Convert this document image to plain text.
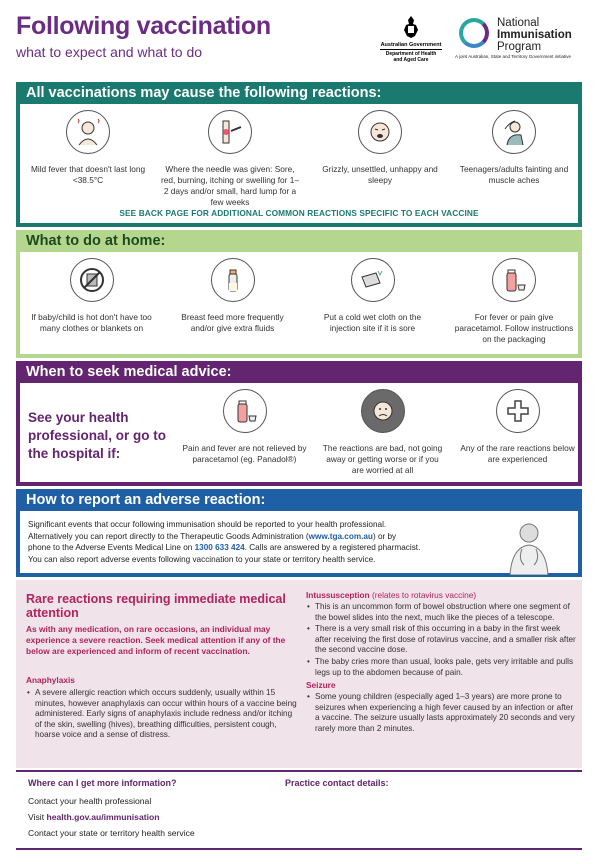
Following vaccination
what to expect and what to do	Australian Government
Department of Health
and Aged Care
National
Immunisation
Program
A joint Australian, State and Territory Government initiative
All vaccinations may cause the following reactions:
Mild fever that doesn't last long <38.5°C
Where the needle was given: Sore, red, burning, itching or swelling for 1–2 days and/or small, hard lump for a few weeks
Grizzly, unsettled, unhappy and sleepy
Teenagers/adults fainting and muscle aches
SEE BACK PAGE FOR ADDITIONAL COMMON REACTIONS SPECIFIC TO EACH VACCINE
What to do at home:
If baby/child is hot don't have too many clothes or blankets on
Breast feed more frequently and/or give extra fluids
Put a cold wet cloth on the injection site if it is sore
For fever or pain give paracetamol. Follow instructions on the packaging
When to seek medical advice:
See your health professional, or go to the hospital if:	Pain and fever are not relieved by paracetamol (eg. Panadol®)
The reactions are bad, not going away or getting worse or if you are worried at all
Any of the rare reactions below are experienced
How to report an adverse reaction:
Significant events that occur following immunisation should be reported to your health professional.
Alternatively you can report directly to the Therapeutic Goods Administration (www.tga.com.au) or by
phone to the Adverse Events Medical Line on 1300 633 424. Calls are answered by a registered pharmacist.
You can also report adverse events following vaccination to your state or territory health service.
Rare reactions requiring immediate medical attention
As with any medication, on rare occasions, an individual may experience a severe reaction. Seek medical attention if any of the below are experienced and inform of recent vaccination.
Anaphylaxis
• A severe allergic reaction which occurs suddenly, usually within 15 minutes, however anaphylaxis can occur within hours of a vaccine being administered. Early signs of anaphylaxis include redness and/or itching of the skin, swelling (hives), breathing difficulties, persistent cough, hoarse voice and a sense of distress.
Intussusception (relates to rotavirus vaccine)
• This is an uncommon form of bowel obstruction where one segment of the bowel slides into the next, much like the pieces of a telescope.
• There is a very small risk of this occurring in a baby in the first week after receiving the first dose of rotavirus vaccine, and a smaller risk after the second vaccine dose.
• The baby cries more than usual, looks pale, gets very irritable and pulls legs up to the abdomen because of pain.
Seizure
• Some young children (especially aged 1–3 years) are more prone to seizures when experiencing a high fever caused by an infection or after a vaccine. The seizure usually lasts approximately 20 seconds and very rarely more than 2 minutes.
Where can I get more information?	Practice contact details:
Contact your health professional
Visit health.gov.au/immunisation
Contact your state or territory health service
